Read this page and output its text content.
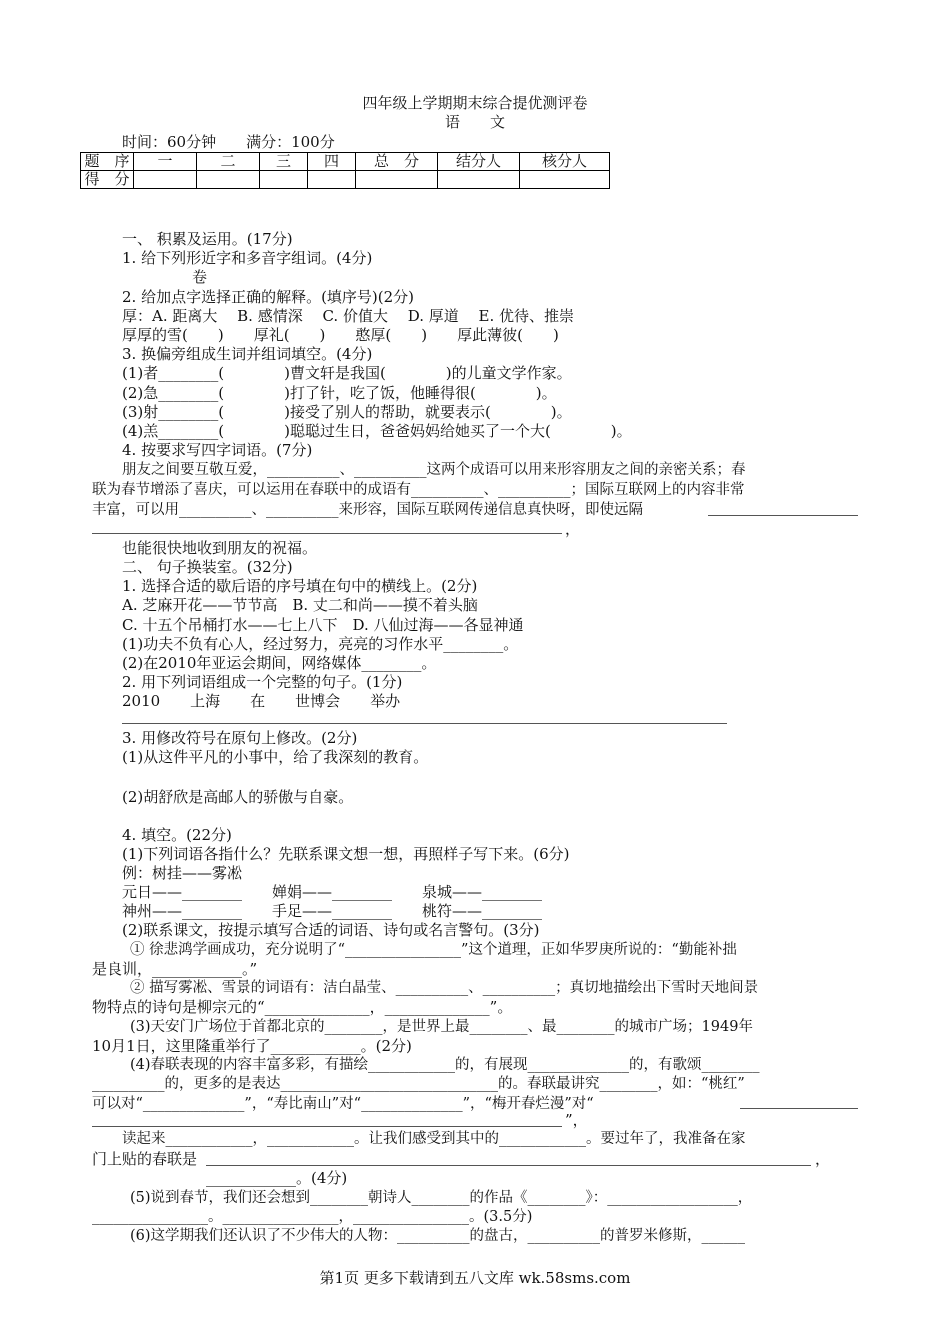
四年级上学期期末综合提优测评卷
语　　文
时间：60分钟　　满分：100分
题　序	一	二	三	四	总　分	结分人	核分人
得　分							
一、 积累及运用。(17分)
1. 给下列形近字和多音字组词。(4分)
卷
2. 给加点字选择正确的解释。(填序号)(2分)
厚：A. 距离大　 B. 感情深　 C. 价值大　 D. 厚道　 E. 优待、推崇
厚厚的雪(　　)　　厚礼(　　)　　憨厚(　　)　　厚此薄彼(　　)
3. 换偏旁组成生词并组词填空。(4分)
(1)者________(　　　　)曹文轩是我国(　　　　)的儿童文学作家。
(2)急________(　　　　)打了针，吃了饭，他睡得很(　　　　)。
(3)射________(　　　　)接受了别人的帮助，就要表示(　　　　)。
(4)羔________(　　　　)聪聪过生日，爸爸妈妈给她买了一个大(　　　　)。
4. 按要求写四字词语。(7分)
朋友之间要互敬互爱，__________、__________这两个成语可以用来形容朋友之间的亲密关系；春
联为春节增添了喜庆，可以运用在春联中的成语有__________、__________；国际互联网上的内容非常
丰富，可以用__________、__________来形容，国际互联网传递信息真快呀，即使远隔
，
也能很快地收到朋友的祝福。
二、 句子换装室。(32分)
1. 选择合适的歇后语的序号填在句中的横线上。(2分)
A. 芝麻开花——节节高　B. 丈二和尚——摸不着头脑
C. 十五个吊桶打水——七上八下　D. 八仙过海——各显神通
(1)功夫不负有心人，经过努力，亮亮的习作水平________。
(2)在2010年亚运会期间，网络媒体________。
2. 用下列词语组成一个完整的句子。(1分)
2010　　上海　　在　　世博会　　举办
3. 用修改符号在原句上修改。(2分)
(1)从这件平凡的小事中，给了我深刻的教育。
(2)胡舒欣是高邮人的骄傲与自豪。
4. 填空。(22分)
(1)下列词语各指什么？先联系课文想一想，再照样子写下来。(6分)
例：树挂——雾凇
元日——________　　婵娟——________　　泉城——________
神州——________　　手足——________　　桃符——________
(2)联系课文，按提示填写合适的词语、诗句或名言警句。(3分)
① 徐悲鸿学画成功，充分说明了“________________”这个道理，正如华罗庚所说的：“勤能补拙
是良训，____________。”
② 描写雾凇、雪景的词语有：洁白晶莹、__________、__________；真切地描绘出下雪时天地间景
物特点的诗句是柳宗元的“______________，______________”。
(3)天安门广场位于首都北京的________，是世界上最________、最________的城市广场；1949年
10月1日，这里隆重举行了____________。(2分)
(4)春联表现的内容丰富多彩，有描绘____________的，有展现______________的，有歌颂________
__________的，更多的是表达______________________________的。春联最讲究________，如：“桃红”
可以对“______________”，“寿比南山”对“______________”，“梅开春烂漫”对“
”，
读起来____________，____________。让我们感受到其中的____________。要过年了，我准备在家
门上贴的春联是	，
____________。(4分)
(5)说到春节，我们还会想到________朝诗人________的作品《________》：__________________，
________________。________________，________________。(3.5分)
(6)这学期我们还认识了不少伟大的人物：__________的盘古，__________的普罗米修斯，______
第1页 更多下载请到五八文库 wk.58sms.com
